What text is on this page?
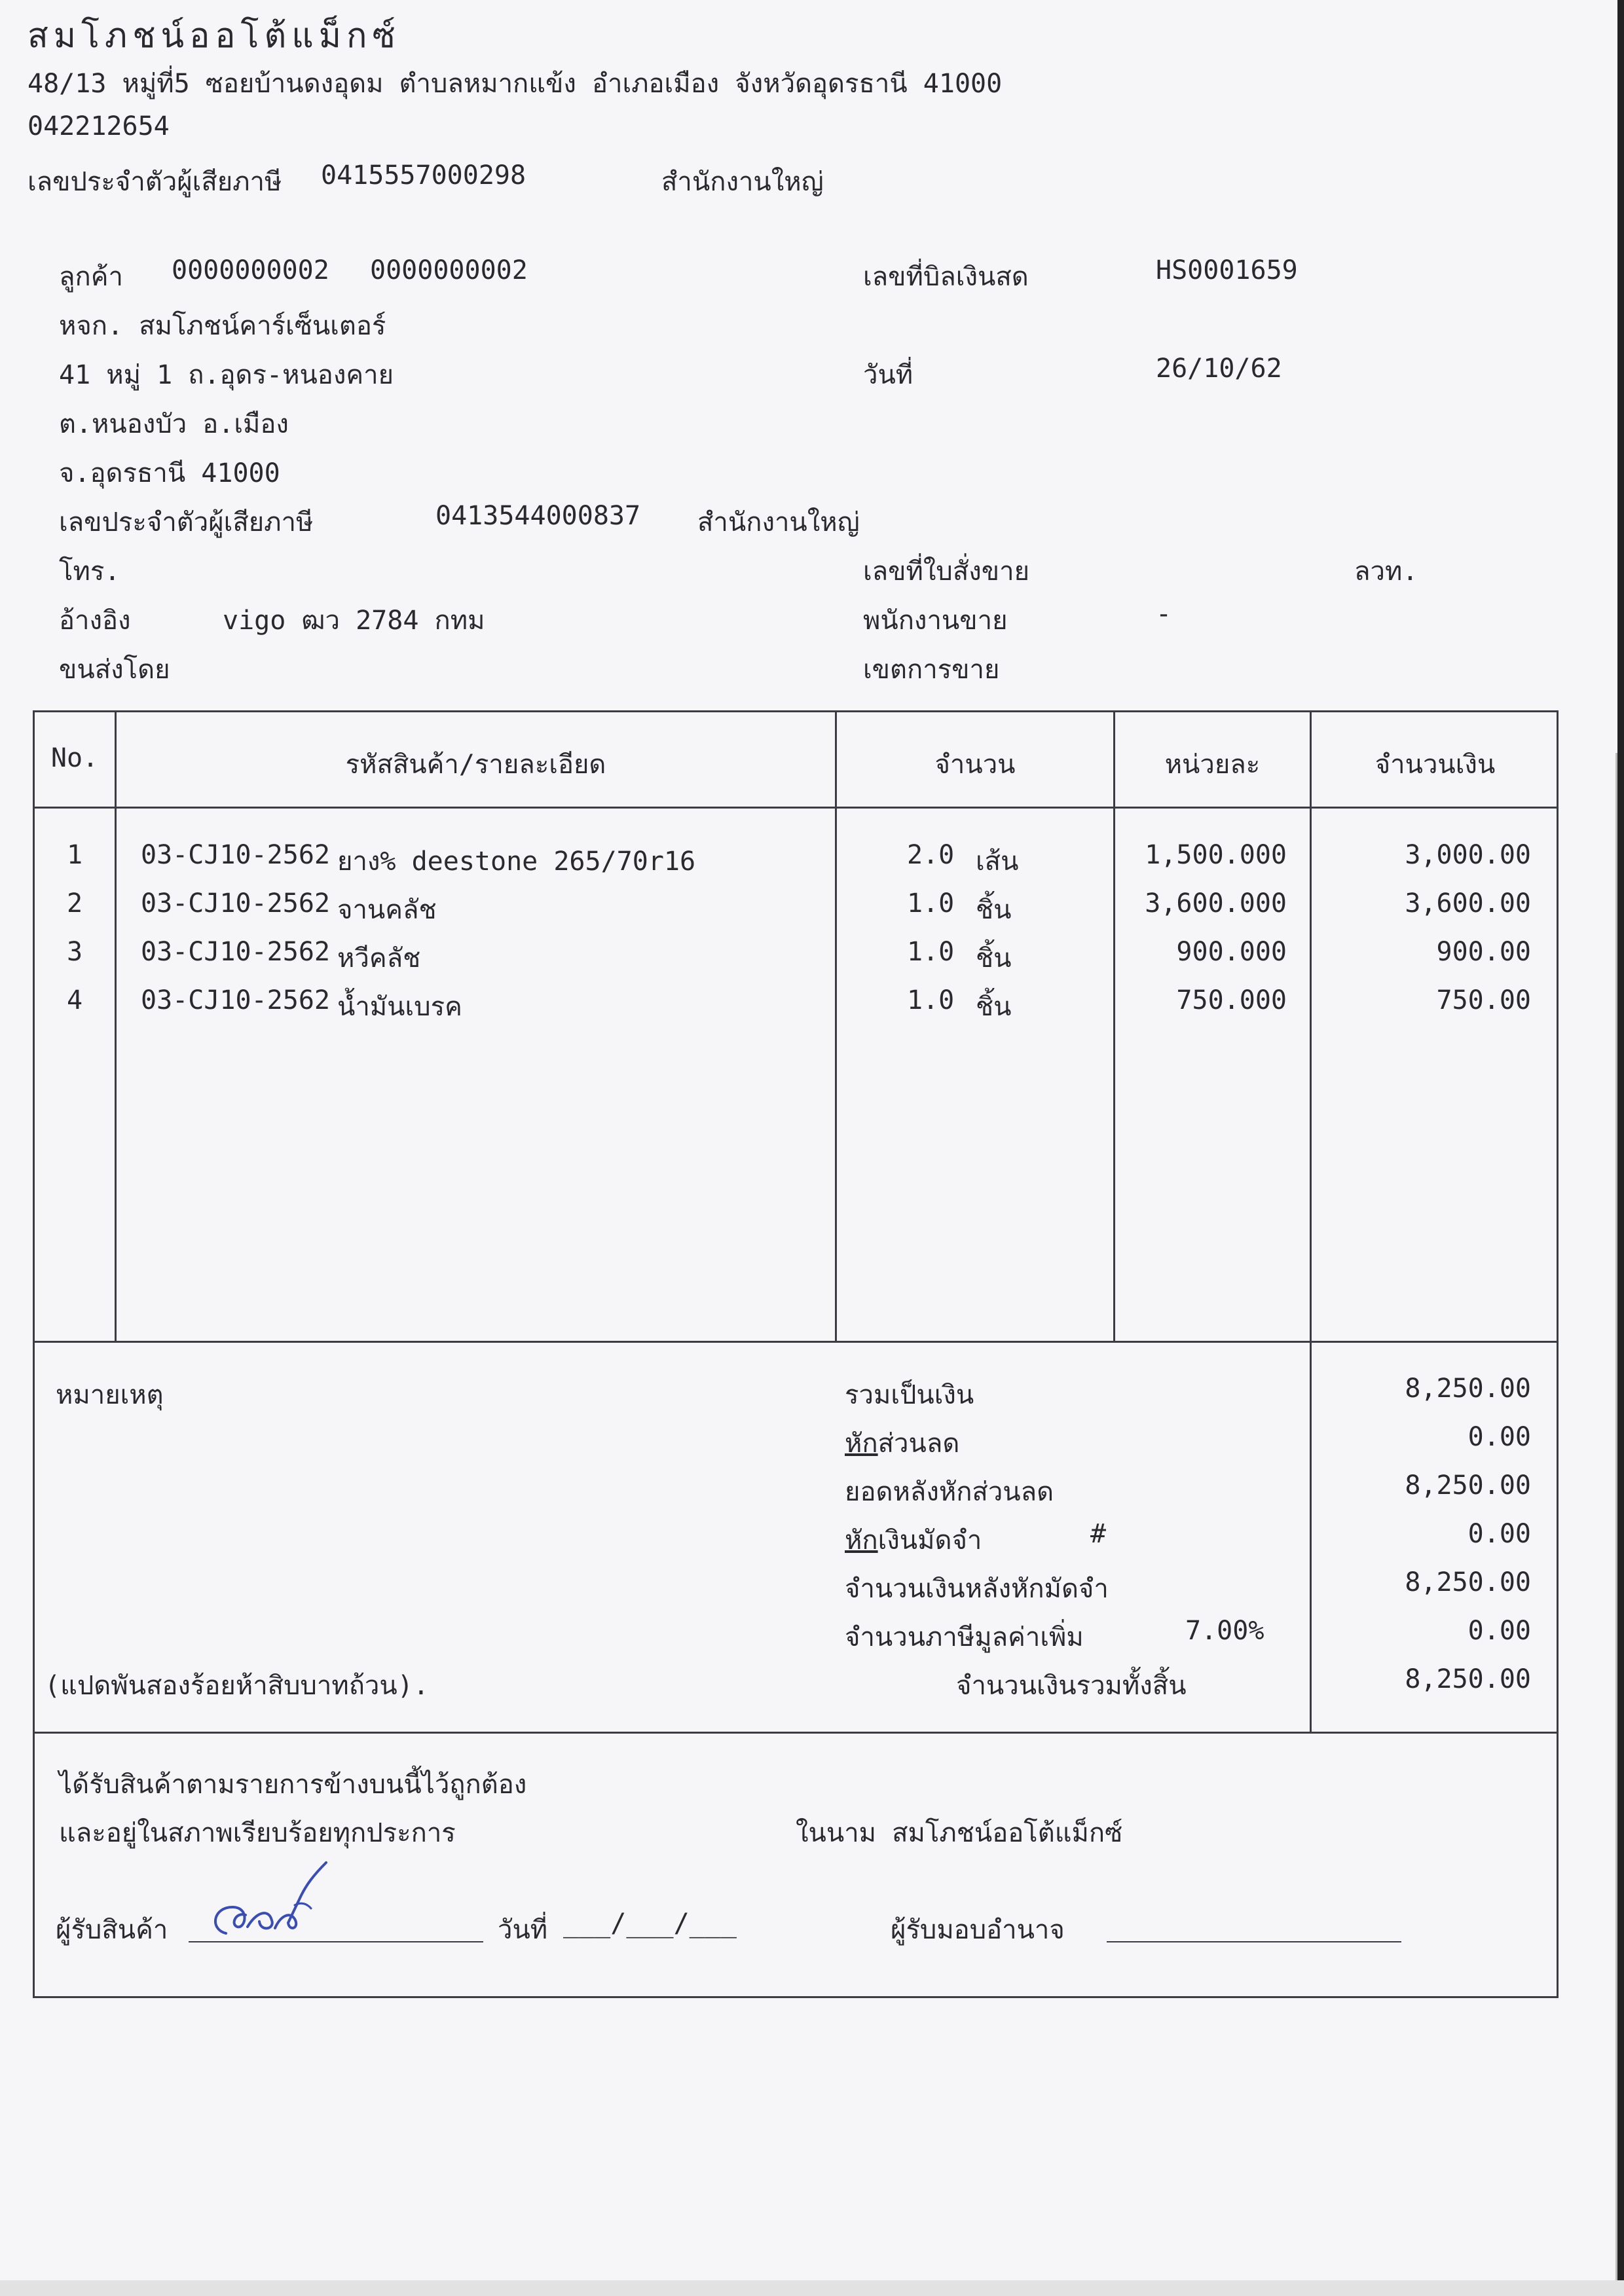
สมโภชน์ออโต้แม็กซ์
48/13 หมู่ที่5 ซอยบ้านดงอุดม ตำบลหมากแข้ง อำเภอเมือง จังหวัดอุดรธานี 41000
042212654
เลขประจำตัวผู้เสียภาษี 0415557000298	สำนักงานใหญ่
ลูกค้า 0000000002 0000000002
หจก. สมโภชน์คาร์เซ็นเตอร์
41 หมู่ 1 ถ.อุดร-หนองคาย
ต.หนองบัว อ.เมือง
จ.อุดรธานี 41000
เลขประจำตัวผู้เสียภาษี	0413544000837 สำนักงานใหญ่
โทร.
อ้างอิง	vigo ฒว 2784 กทม
ขนส่งโดย
เลขที่บิลเงินสด	HS0001659
วันที่	26/10/62
เลขที่ใบสั่งขาย	ลวท.
พนักงานขาย	-
เขตการขาย
No.	รหัสสินค้า/รายละเอียด	จำนวน	หน่วยละ	จำนวนเงิน
1	03-CJ10-2562 ยาง% deestone 265/70r16	2.0 เส้น	1,500.000	3,000.00
2	03-CJ10-2562 จานคลัช	1.0 ชิ้น	3,600.000	3,600.00
3	03-CJ10-2562 หวีคลัช	1.0 ชิ้น	900.000	900.00
4	03-CJ10-2562 น้ำมันเบรค	1.0 ชิ้น	750.000	750.00
หมายเหตุ	รวมเป็นเงิน	8,250.00
หักส่วนลด	0.00
ยอดหลังหักส่วนลด	8,250.00
หักเงินมัดจำ	#	0.00
จำนวนเงินหลังหักมัดจำ	8,250.00
จำนวนภาษีมูลค่าเพิ่ม	7.00%	0.00
(แปดพันสองร้อยห้าสิบบาทถ้วน).	จำนวนเงินรวมทั้งสิ้น	8,250.00
ได้รับสินค้าตามรายการข้างบนนี้ไว้ถูกต้อง
และอยู่ในสภาพเรียบร้อยทุกประการ	ในนาม สมโภชน์ออโต้แม็กซ์
ผู้รับสินค้า	วันที่ ___/___/___	ผู้รับมอบอำนาจ
